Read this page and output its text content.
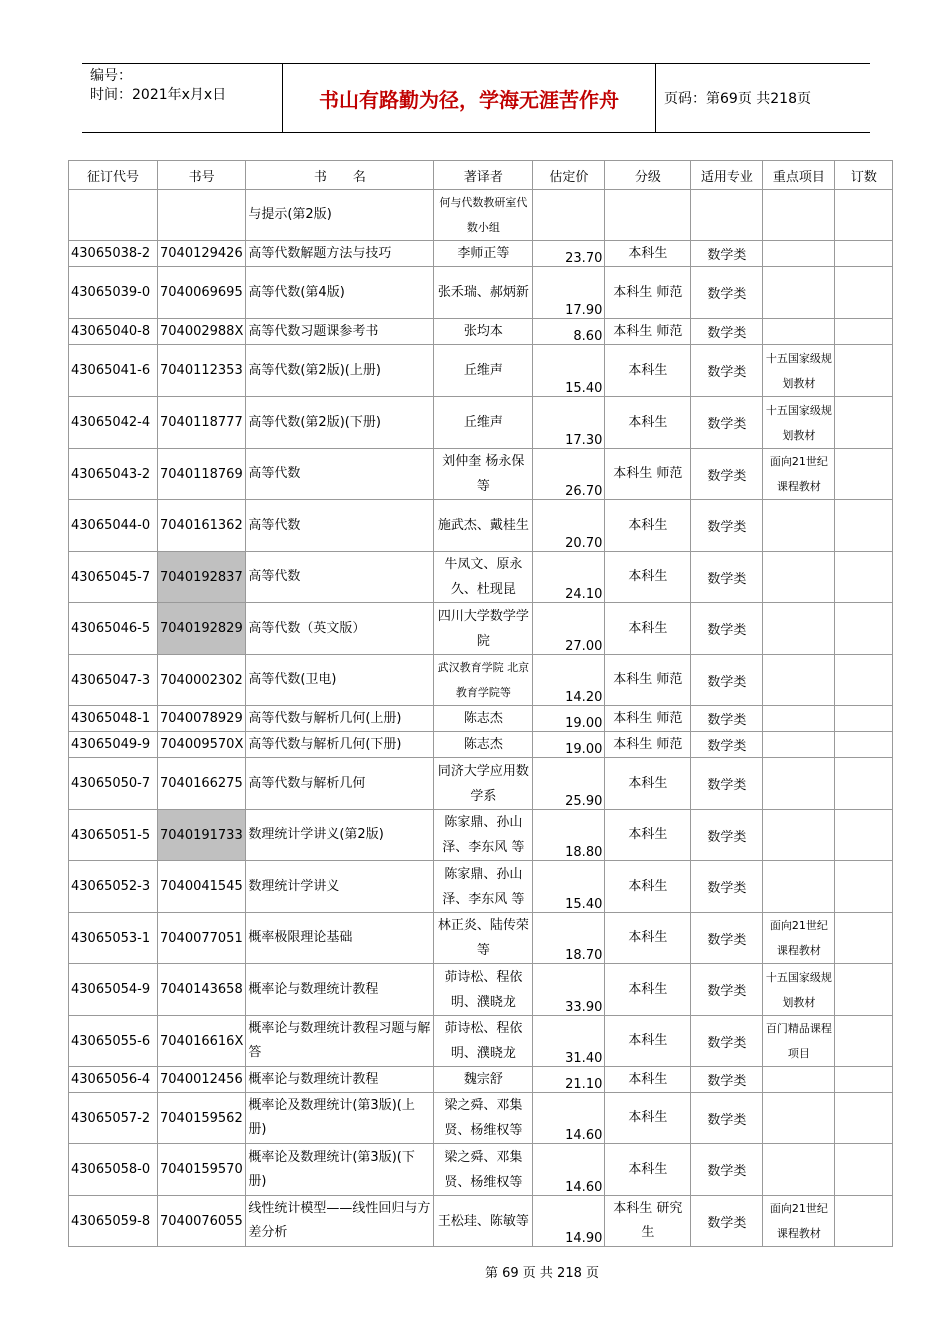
编号：
时间：2021年x月x日	书山有路勤为径，学海无涯苦作舟	页码：第69页 共218页
征订代号	书号	书　　名	著译者	估定价	分级	适用专业	重点项目	订数
		与提示(第2版)	何与代数教研室代数小组					
43065038-2	7040129426	高等代数解题方法与技巧	李师正等	23.70	本科生	数学类		
43065039-0	7040069695	高等代数(第4版)	张禾瑞、郝炳新	17.90	本科生 师范	数学类		
43065040-8	704002988X	高等代数习题课参考书	张均本	8.60	本科生 师范	数学类		
43065041-6	7040112353	高等代数(第2版)(上册)	丘维声	15.40	本科生	数学类	十五国家级规划教材	
43065042-4	7040118777	高等代数(第2版)(下册)	丘维声	17.30	本科生	数学类	十五国家级规划教材	
43065043-2	7040118769	高等代数	刘仲奎 杨永保等	26.70	本科生 师范	数学类	面向21世纪课程教材	
43065044-0	7040161362	高等代数	施武杰、戴桂生	20.70	本科生	数学类		
43065045-7	7040192837	高等代数	牛凤文、原永久、杜现昆	24.10	本科生	数学类		
43065046-5	7040192829	高等代数（英文版）	四川大学数学学院	27.00	本科生	数学类		
43065047-3	7040002302	高等代数(卫电)	武汉教育学院 北京教育学院等	14.20	本科生 师范	数学类		
43065048-1	7040078929	高等代数与解析几何(上册)	陈志杰	19.00	本科生 师范	数学类		
43065049-9	704009570X	高等代数与解析几何(下册)	陈志杰	19.00	本科生 师范	数学类		
43065050-7	7040166275	高等代数与解析几何	同济大学应用数学系	25.90	本科生	数学类		
43065051-5	7040191733	数理统计学讲义(第2版)	陈家鼎、孙山泽、李东风 等	18.80	本科生	数学类		
43065052-3	7040041545	数理统计学讲义	陈家鼎、孙山泽、李东风 等	15.40	本科生	数学类		
43065053-1	7040077051	概率极限理论基础	林正炎、陆传荣等	18.70	本科生	数学类	面向21世纪课程教材	
43065054-9	7040143658	概率论与数理统计教程	茆诗松、程依明、濮晓龙	33.90	本科生	数学类	十五国家级规划教材	
43065055-6	704016616X	概率论与数理统计教程习题与解答	茆诗松、程依明、濮晓龙	31.40	本科生	数学类	百门精品课程项目	
43065056-4	7040012456	概率论与数理统计教程	魏宗舒	21.10	本科生	数学类		
43065057-2	7040159562	概率论及数理统计(第3版)(上册)	梁之舜、邓集贤、杨维权等	14.60	本科生	数学类		
43065058-0	7040159570	概率论及数理统计(第3版)(下册)	梁之舜、邓集贤、杨维权等	14.60	本科生	数学类		
43065059-8	7040076055	线性统计模型——线性回归与方差分析	王松珪、陈敏等	14.90	本科生 研究生	数学类	面向21世纪课程教材	
第 69 页 共 218 页
